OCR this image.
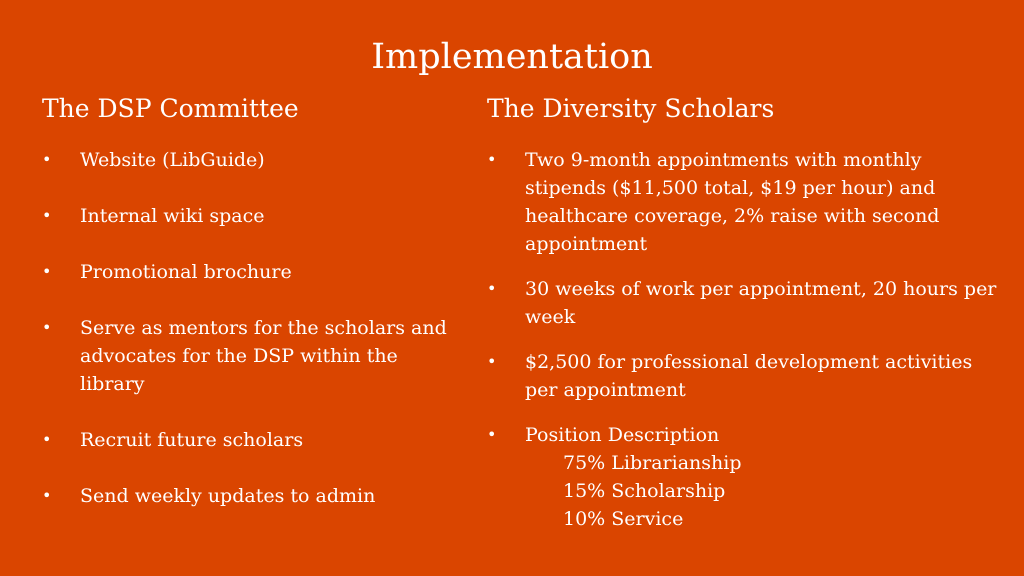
Implementation
The DSP Committee
• Website (LibGuide)
• Internal wiki space
• Promotional brochure
• Serve as mentors for the scholars and advocates for the DSP within the library
• Recruit future scholars
• Send weekly updates to admin
The Diversity Scholars
• Two 9-month appointments with monthly stipends ($11,500 total, $19 per hour) and healthcare coverage, 2% raise with second appointment
• 30 weeks of work per appointment, 20 hours per week
• $2,500 for professional development activities per appointment
• Position Description
75% Librarianship
15% Scholarship
10% Service
